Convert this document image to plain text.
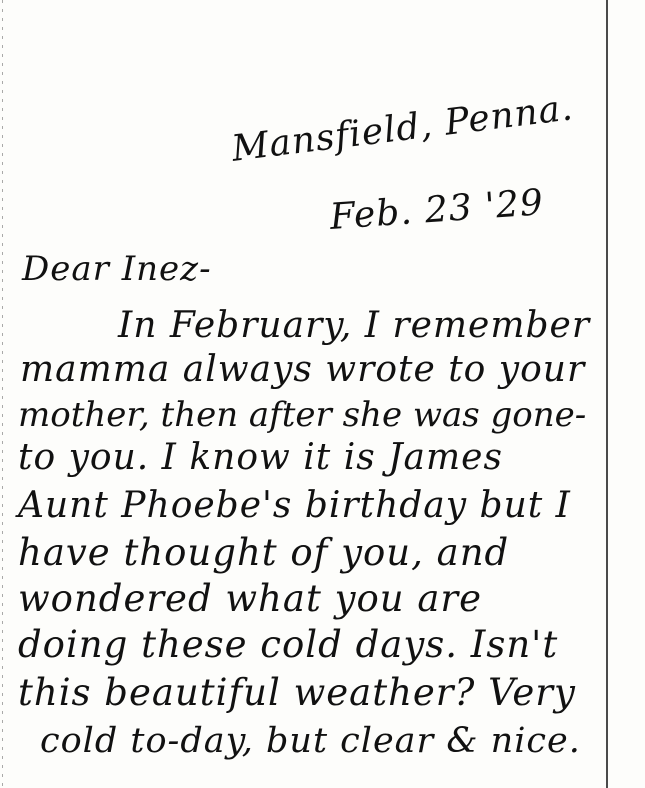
Mansfield, Penna.
Feb. 23 '29
Dear Inez-
In February, I remember
mamma always wrote to your
mother, then after she was gone-
to you. I know it is James
Aunt Phoebe's birthday but I
have thought of you, and
wondered what you are
doing these cold days. Isn't
this beautiful weather? Very
cold to-day, but clear & nice.
